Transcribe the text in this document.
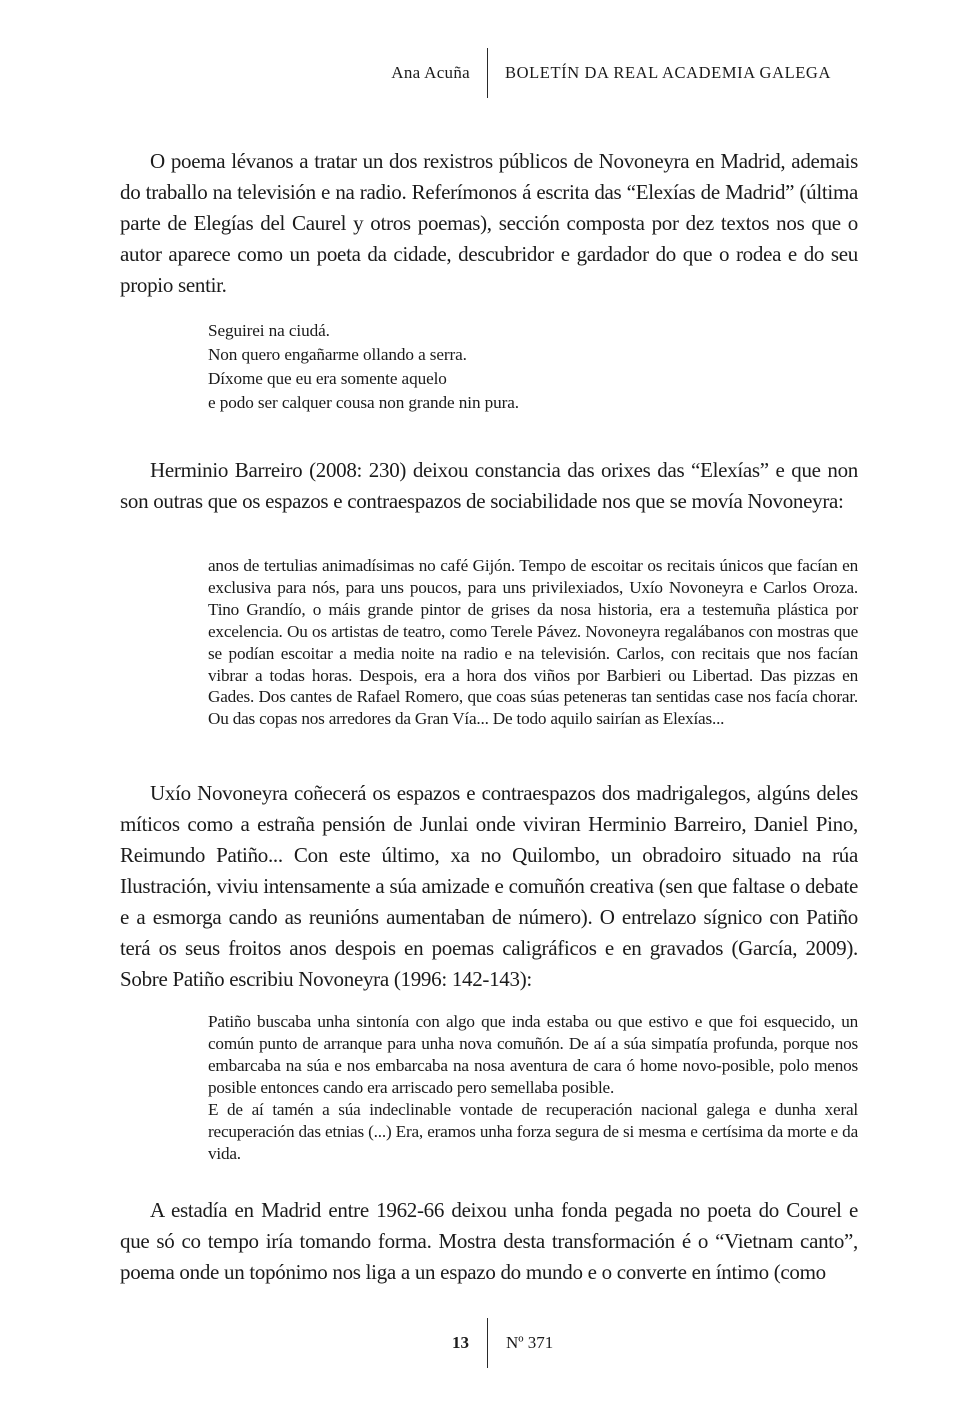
Ana Acuña	BOLETÍN DA REAL ACADEMIA GALEGA

O poema lévanos a tratar un dos rexistros públicos de Novoneyra en Madrid, ademais do traballo na televisión e na radio. Referímonos á escrita das “Elexías de Madrid” (última parte de Elegías del Caurel y otros poemas), sección composta por dez textos nos que o autor aparece como un poeta da cidade, descubridor e gardador do que o rodea e do seu propio sentir.

Seguirei na ciudá.
Non quero engañarme ollando a serra.
Díxome que eu era somente aquelo
e podo ser calquer cousa non grande nin pura.

Herminio Barreiro (2008: 230) deixou constancia das orixes das “Elexías” e que non son outras que os espazos e contraespazos de sociabilidade nos que se movía Novoneyra:

anos de tertulias animadísimas no café Gijón. Tempo de escoitar os recitais únicos que facían en exclusiva para nós, para uns poucos, para uns privilexiados, Uxío Novoneyra e Carlos Oroza. Tino Grandío, o máis grande pintor de grises da nosa historia, era a testemuña plástica por excelencia. Ou os artistas de teatro, como Terele Pávez. Novoneyra regalábanos con mostras que se podían escoitar a media noite na radio e na televisión. Carlos, con recitais que nos facían vibrar a todas horas. Despois, era a hora dos viños por Barbieri ou Libertad. Das pizzas en Gades. Dos cantes de Rafael Romero, que coas súas peteneras tan sentidas case nos facía chorar. Ou das copas nos arredores da Gran Vía... De todo aquilo sairían as Elexías...

Uxío Novoneyra coñecerá os espazos e contraespazos dos madrigalegos, algúns deles míticos como a estraña pensión de Junlai onde viviran Herminio Barreiro, Daniel Pino, Reimundo Patiño... Con este último, xa no Quilombo, un obradoiro situado na rúa Ilustración, viviu intensamente a súa amizade e comuñón creativa (sen que faltase o debate e a esmorga cando as reunións aumentaban de número). O entrelazo sígnico con Patiño terá os seus froitos anos despois en poemas caligráficos e en gravados (García, 2009). Sobre Patiño escribiu Novoneyra (1996: 142-143):

Patiño buscaba unha sintonía con algo que inda estaba ou que estivo e que foi esquecido, un común punto de arranque para unha nova comuñón. De aí a súa simpatía profunda, porque nos embarcaba na súa e nos embarcaba na nosa aventura de cara ó home novo-posible, polo menos posible entonces cando era arriscado pero semellaba posible.

E de aí tamén a súa indeclinable vontade de recuperación nacional galega e dunha xeral recuperación das etnias (...) Era, eramos unha forza segura de si mesma e certísima da morte e da vida.

A estadía en Madrid entre 1962-66 deixou unha fonda pegada no poeta do Courel e que só co tempo iría tomando forma. Mostra desta transformación é o “Vietnam canto”, poema onde un topónimo nos liga a un espazo do mundo e o converte en íntimo (como

13	Nº 371
